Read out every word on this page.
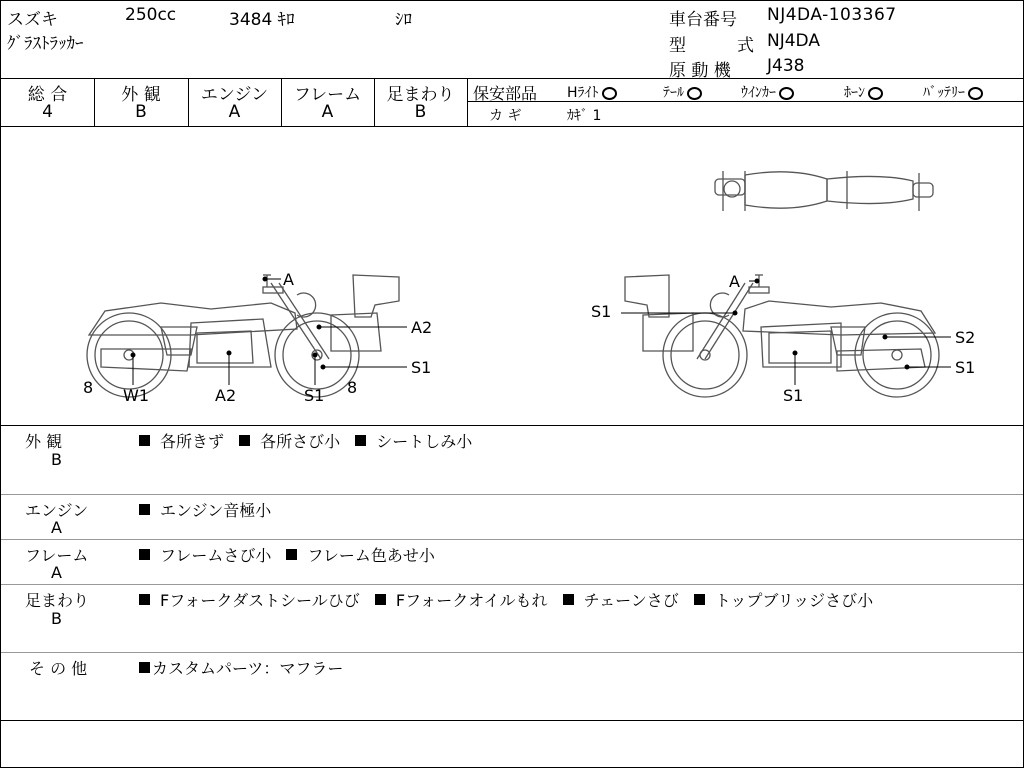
スズキ	250cc	3484 ｷﾛ	ｼﾛ
ｸﾞﾗｽﾄﾗｯｶｰ
車台番号 NJ4DA-103367
型	式 NJ4DA
原 動 機 J438
総 合
4
外 観
B
エンジン
A
フレーム
A
足まわり
B
保安部品 Hﾗｲﾄ	ﾃｰﾙ	ｳｲﾝｶｰ	ﾎｰﾝ	ﾊﾞｯﾃﾘｰ
カ ギ	ｶｷﾞ 1
A
A2
S1
8 W1	A2	S1 8
A
S1
S2
S1
S1
外 観
B
各所きず 各所さび小 シートしみ小
エンジン
A
エンジン音極小
フレーム
A
フレームさび小 フレーム色あせ小
足まわり
B
Fフォークダストシールひび Fフォークオイルもれ チェーンさび トップブリッジさび小
そ の 他	カスタムパーツ：マフラー
